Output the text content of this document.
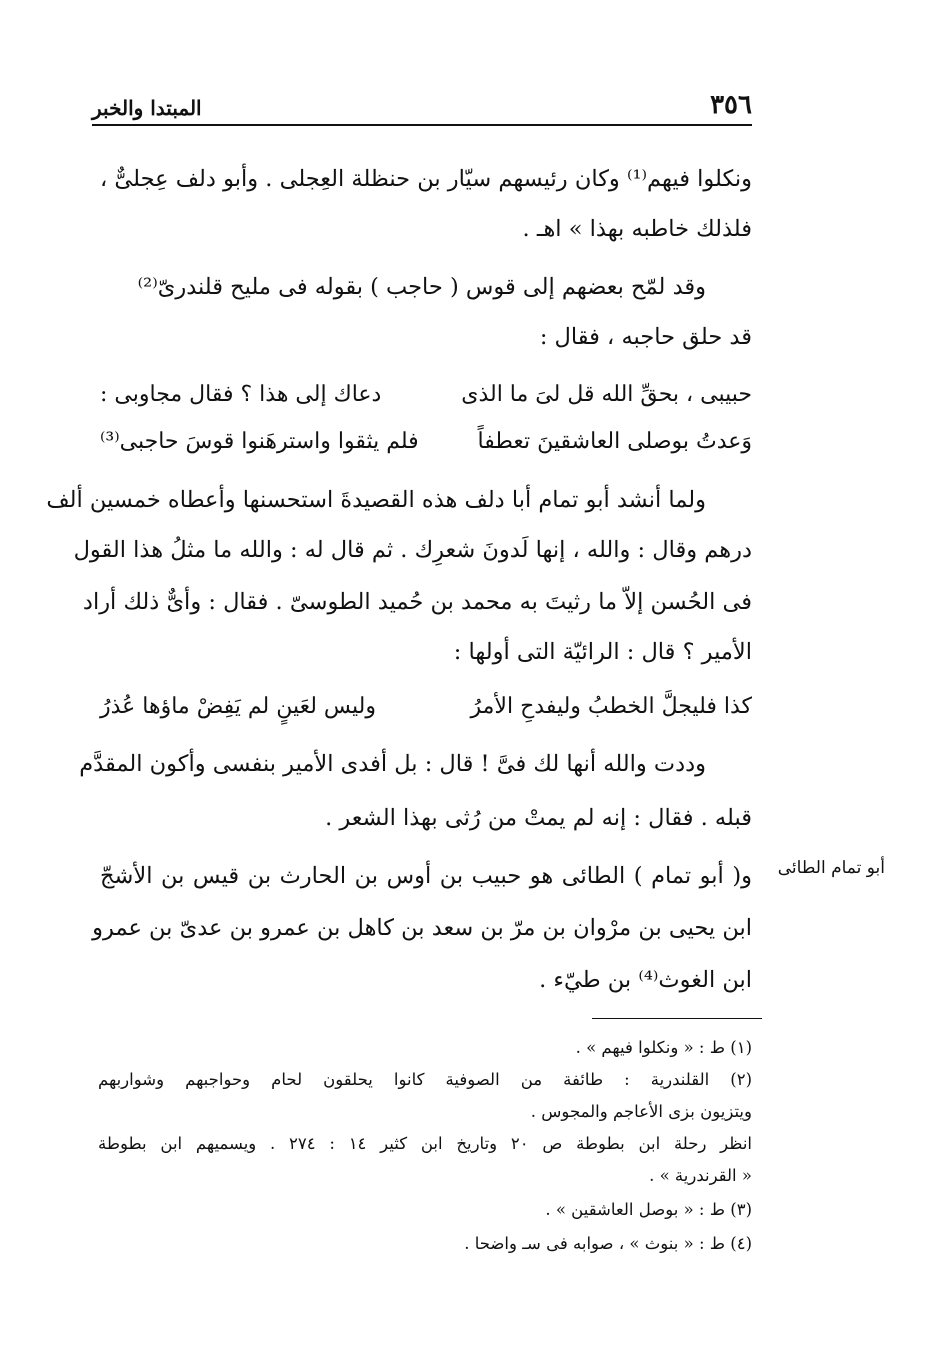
٣٥٦
المبتدا والخبر
ونكلوا فيهم⁽¹⁾ وكان رئيسهم سيّار بن حنظلة العِجلى . وأبو دلف عِجلىٌّ ،
فلذلك خاطبه بهذا » اهـ .
وقد لمّح بعضهم إلى قوس ( حاجب ) بقوله فى مليح قلندرىّ⁽²⁾
قد حلق حاجبه ، فقال :
حبيبى ، بحقِّ الله قل لىَ ما الذى
دعاك إلى هذا ؟ فقال مجاوبى :
وَعدتُ بوصلى العاشقينَ تعطفاً
فلم يثقوا واسترهَنوا قوسَ حاجبى⁽³⁾
ولما أنشد أبو تمام أبا دلف هذه القصيدةَ استحسنها وأعطاه خمسين ألف
درهم وقال : والله ، إنها لَدونَ شعرِك . ثم قال له : والله ما مثلُ هذا القول
فى الحُسن إلاّ ما رثيتَ به محمد بن حُميد الطوسىّ . فقال : وأىٌّ ذلك أراد
الأمير ؟ قال : الرائيّة التى أولها :
كذا فليجلَّ الخطبُ وليفدحِ الأمرُ
وليس لعَينٍ لم يَفِضْ ماؤها عُذرُ
وددت والله أنها لك فىَّ ! قال : بل أفدى الأمير بنفسى وأكون المقدَّم
قبله . فقال : إنه لم يمتْ من رُثى بهذا الشعر .
أبو تمام الطائى
و( أبو تمام ) الطائى هو حبيب بن أوس بن الحارث بن قيس بن الأشجّ
ابن يحيى بن مرْوان بن مرّ بن سعد بن كاهل بن عمرو بن عدىّ بن عمرو
ابن الغوث⁽⁴⁾ بن طيّء .
(١) ط : « ونكلوا فيهم » .
(٢) القلندرية : طائفة من الصوفية كانوا يحلقون لحام وحواجبهم وشواربهم
ويتزيون بزى الأعاجم والمجوس .
انظر رحلة ابن بطوطة ص ٢٠ وتاريخ ابن كثير ١٤ : ٢٧٤ . ويسميهم ابن بطوطة
« القرندرية » .
(٣) ط : « بوصل العاشقين » .
(٤) ط : « بنوث » ، صوابه فى سـ واضحا .
